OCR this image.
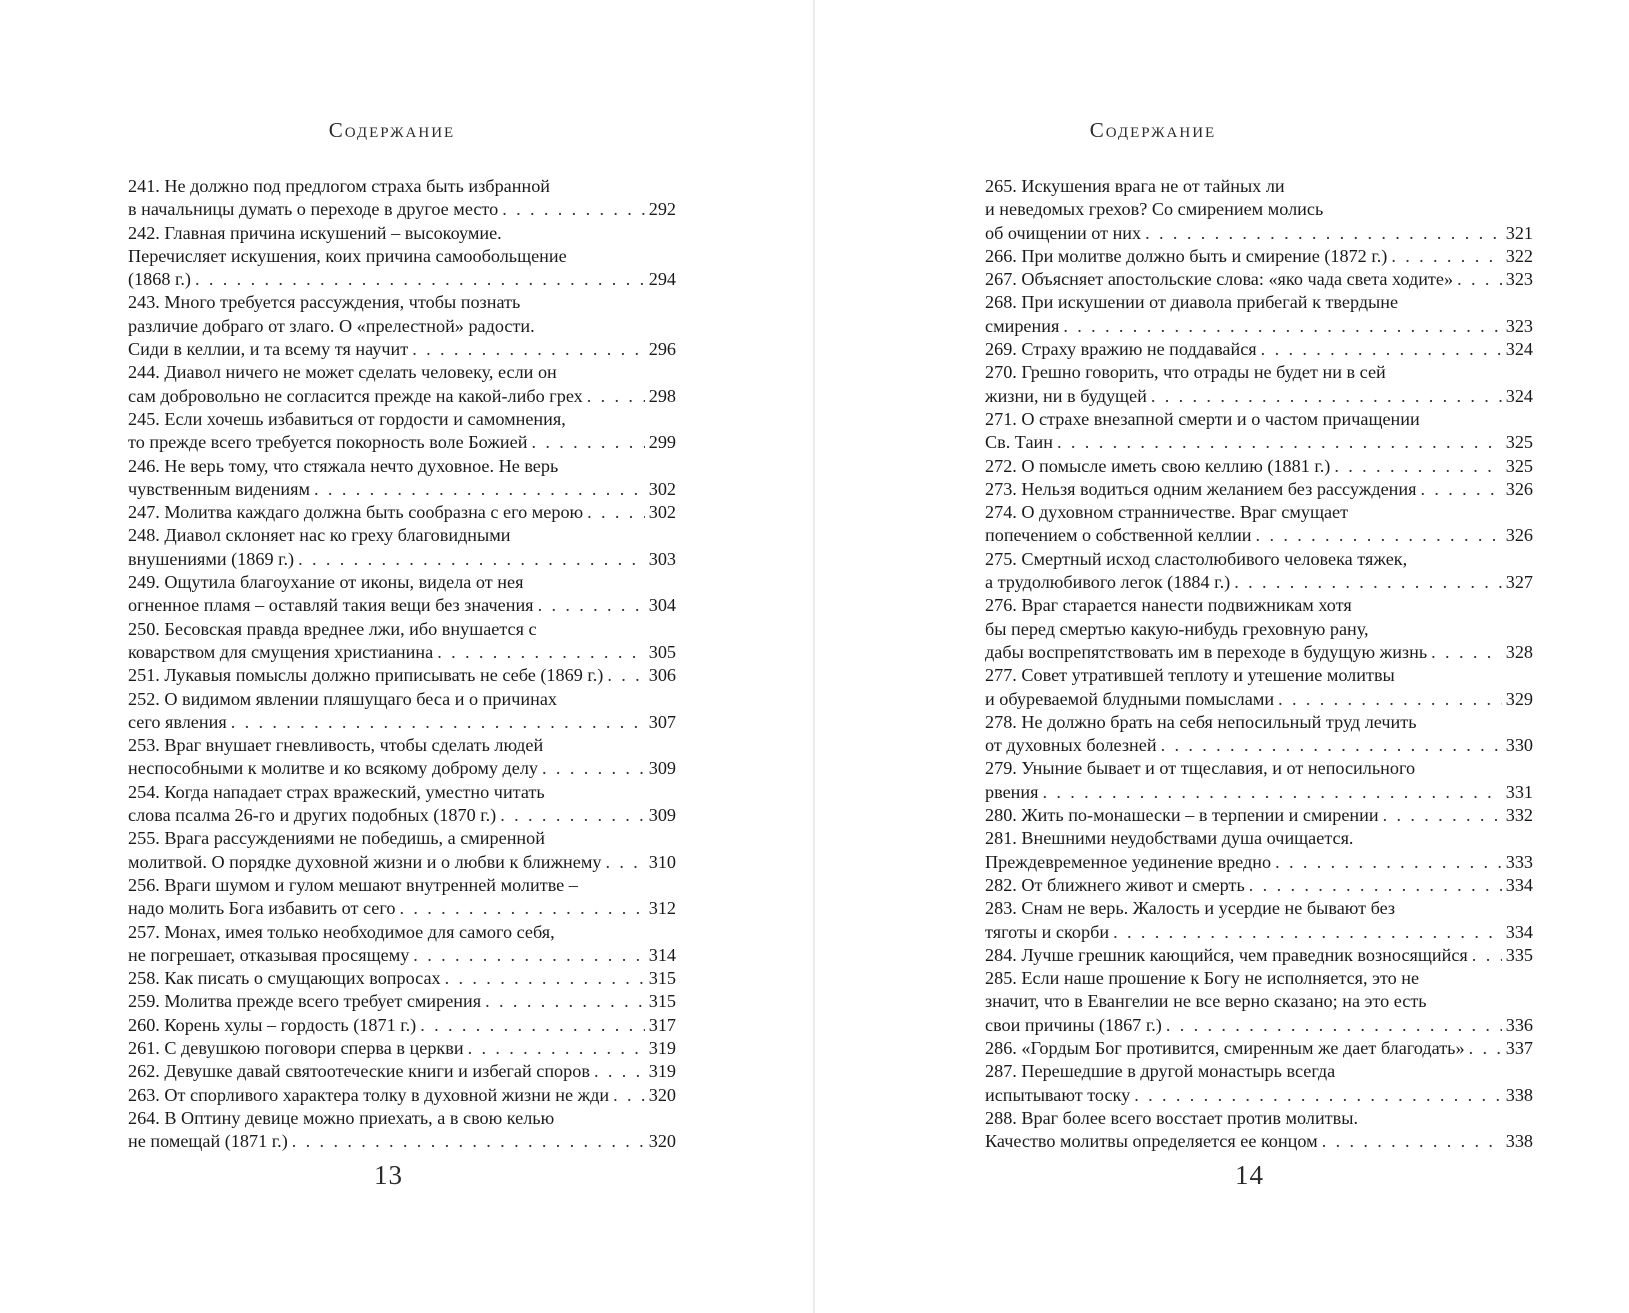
Содержание
241. Не должно под предлогом страха быть избранной
в начальницы думать о переходе в другое место . . .	292
242. Главная причина искушений – высокоумие.
Перечисляет искушения, коих причина самообольщение
(1868 г.) . . .	294
243. Много требуется рассуждения, чтобы познать
различие добраго от злаго. О «прелестной» радости.
Сиди в келлии, и та всему тя научит . . .	296
244. Диавол ничего не может сделать человеку, если он
сам добровольно не согласится прежде на какой-либо грех . . .	298
245. Если хочешь избавиться от гордости и самомнения,
то прежде всего требуется покорность воле Божией . . .	299
246. Не верь тому, что стяжала нечто духовное. Не верь
чувственным видениям . . .	302
247. Молитва каждаго должна быть сообразна с его мерою . . .	302
248. Диавол склоняет нас ко греху благовидными
внушениями (1869 г.) . . .	303
249. Ощутила благоухание от иконы, видела от нея
огненное пламя – оставляй такия вещи без значения . . .	304
250. Бесовская правда вреднее лжи, ибо внушается с
коварством для смущения христианина . . .	305
251. Лукавыя помыслы должно приписывать не себе (1869 г.) . . . 306
252. О видимом явлении пляшущаго беса и о причинах
сего явления . . .	307
253. Враг внушает гневливость, чтобы сделать людей
неспособными к молитве и ко всякому доброму делу . . .	309
254. Когда нападает страх вражеский, уместно читать
слова псалма 26-го и других подобных (1870 г.) . . .	309
255. Врага рассуждениями не победишь, а смиренной
молитвой. О порядке духовной жизни и о любви к ближнему . . .	310
256. Враги шумом и гулом мешают внутренней молитве –
надо молить Бога избавить от сего . . .	312
257. Монах, имея только необходимое для самого себя,
не погрешает, отказывая просящему . . .	314
258. Как писать о смущающих вопросах . . .	315
259. Молитва прежде всего требует смирения . . .	315
260. Корень хулы – гордость (1871 г.) . . .	317
261. С девушкою поговори сперва в церкви . . .	319
262. Девушке давай святоотеческие книги и избегай споров . . .	319
263. От спорливого характера толку в духовной жизни не жди . . . 320
264. В Оптину девице можно приехать, а в свою келью
не помещай (1871 г.) . . .	320
13
Содержание
265. Искушения врага не от тайных ли
и неведомых грехов? Со смирением молись
об очищении от них . . .	321
266. При молитве должно быть и смирение (1872 г.) . . .	322
267. Объясняет апостольские слова: «яко чада света ходите» . . .	323
268. При искушении от диавола прибегай к твердыне
смирения . . .	323
269. Страху вражию не поддавайся . . .	324
270. Грешно говорить, что отрады не будет ни в сей
жизни, ни в будущей . . .	324
271. О страхе внезапной смерти и о частом причащении
Св. Таин . . .	325
272. О помысле иметь свою келлию (1881 г.) . . .	325
273. Нельзя водиться одним желанием без рассуждения . . .	326
274. О духовном странничестве. Враг смущает
попечением о собственной келлии . . .	326
275. Смертный исход сластолюбивого человека тяжек,
а трудолюбивого легок (1884 г.) . . .	327
276. Враг старается нанести подвижникам хотя
бы перед смертью какую-нибудь греховную рану,
дабы воспрепятствовать им в переходе в будущую жизнь . . .	328
277. Совет утратившей теплоту и утешение молитвы
и обуреваемой блудными помыслами . . .	329
278. Не должно брать на себя непосильный труд лечить
от духовных болезней . . .	330
279. Уныние бывает и от тщеславия, и от непосильного
рвения . . .	331
280. Жить по-монашески – в терпении и смирении . . .	332
281. Внешними неудобствами душа очищается.
Преждевременное уединение вредно . . .	333
282. От ближнего живот и смерть . . .	334
283. Снам не верь. Жалость и усердие не бывают без
тяготы и скорби . . .	334
284. Лучше грешник кающийся, чем праведник возносящийся . . . 335
285. Если наше прошение к Богу не исполняется, это не
значит, что в Евангелии не все верно сказано; на это есть
свои причины (1867 г.) . . .	336
286. «Гордым Бог противится, смиренным же дает благодать» . . . 337
287. Перешедшие в другой монастырь всегда
испытывают тоску . . .	338
288. Враг более всего восстает против молитвы.
Качество молитвы определяется ее концом . . .	338
14
